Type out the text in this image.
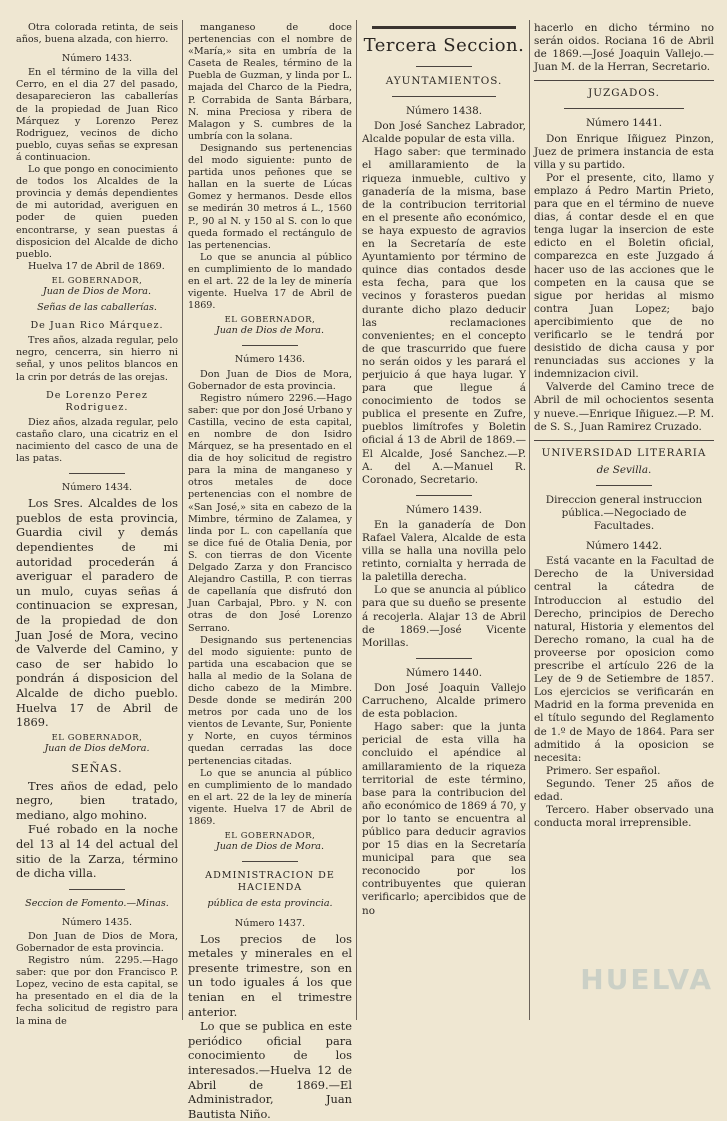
Otra colorada retinta, de seis años, buena alzada, con hierro.

Número 1433.

En el término de la villa del Cerro, en el dia 27 del pasado, desaparecieron las caballerías de la propiedad de Juan Rico Márquez y Lorenzo Perez Rodriguez, vecinos de dicho pueblo, cuyas señas se expresan á continuacion.

Lo que pongo en conocimiento de todos los Alcaldes de la provincia y demás dependientes de mi autoridad, averiguen en poder de quien pueden encontrarse, y sean puestas á disposicion del Alcalde de dicho pueblo.

Huelva 17 de Abril de 1869.

EL GOBERNADOR,
Juan de Dios de Mora.
Señas de las caballerías.
De Juan Rico Márquez.

Tres años, alzada regular, pelo negro, cencerra, sin hierro ni señal, y unos pelitos blancos en la crin por detrás de las orejas.

De Lorenzo Perez Rodriguez.

Diez años, alzada regular, pelo castaño claro, una cicatriz en el nacimiento del casco de una de las patas.

Número 1434.

Los Sres. Alcaldes de los pueblos de esta provincia, Guardia civil y demás dependientes de mi autoridad procederán á averiguar el paradero de un mulo, cuyas señas á continuacion se expresan, de la propiedad de don Juan José de Mora, vecino de Valverde del Camino, y caso de ser habido lo pondrán á disposicion del Alcalde de dicho pueblo. Huelva 17 de Abril de 1869.

EL GOBERNADOR,
Juan de Dios deMora.
SEÑAS.

Tres años de edad, pelo negro, bien tratado, mediano, algo mohino.

Fué robado en la noche del 13 al 14 del actual del sitio de la Zarza, término de dicha villa.

Seccion de Fomento.—Minas.
Número 1435.

Don Juan de Dios de Mora, Gobernador de esta provincia.

Registro núm. 2295.—Hago saber: que por don Francisco P. Lopez, vecino de esta capital, se ha presentado en el dia de la fecha solicitud de registro para la mina de

manganeso de doce pertenencias con el nombre de «María,» sita en umbría de la Caseta de Reales, término de la Puebla de Guzman, y linda por L. majada del Charco de la Piedra, P. Corrabida de Santa Bárbara, N. mina Preciosa y ribera de Malagon y S. cumbres de la umbría con la solana.

Designando sus pertenencias del modo siguiente: punto de partida unos peñones que se hallan en la suerte de Lúcas Gomez y hermanos. Desde ellos se medirán 30 metros á L., 1560 P., 90 al N. y 150 al S. con lo que queda formado el rectángulo de las pertenencias.

Lo que se anuncia al público en cumplimiento de lo mandado en el art. 22 de la ley de minería vigente. Huelva 17 de Abril de 1869.

EL GOBERNADOR,
Juan de Dios de Mora.
Número 1436.

Don Juan de Dios de Mora, Gobernador de esta provincia.

Registro número 2296.—Hago saber: que por don José Urbano y Castilla, vecino de esta capital, en nombre de don Isidro Márquez, se ha presentado en el dia de hoy solicitud de registro para la mina de manganeso y otros metales de doce pertenencias con el nombre de «San José,» sita en cabezo de la Mimbre, término de Zalamea, y linda por L. con capellanía que se dice fué de Otalia Denia, por S. con tierras de don Vicente Delgado Zarza y don Francisco Alejandro Castilla, P. con tierras de capellanía que disfrutó don Juan Carbajal, Pbro. y N. con otras de don José Lorenzo Serrano.

Designando sus pertenencias del modo siguiente: punto de partida una escabacion que se halla al medio de la Solana de dicho cabezo de la Mimbre. Desde donde se medirán 200 metros por cada uno de los vientos de Levante, Sur, Poniente y Norte, en cuyos términos quedan cerradas las doce pertenencias citadas.

Lo que se anuncia al público en cumplimiento de lo mandado en el art. 22 de la ley de minería vigente. Huelva 17 de Abril de 1869.

EL GOBERNADOR,
Juan de Dios de Mora.
ADMINISTRACION DE HACIENDA
pública de esta provincia.
Número 1437.

Los precios de los metales y minerales en el presente trimestre, son en un todo iguales á los que tenian en el trimestre anterior.

Lo que se publica en este periódico oficial para conocimiento de los interesados.—Huelva 12 de Abril de 1869.—El Administrador, Juan Bautista Niño.

Tercera Seccion.
AYUNTAMIENTOS.
Número 1438.

Don José Sanchez Labrador, Alcalde popular de esta villa.

Hago saber: que terminado el amillaramiento de la riqueza inmueble, cultivo y ganadería de la misma, base de la contribucion territorial en el presente año económico, se haya expuesto de agravios en la Secretaría de este Ayuntamiento por término de quince dias contados desde esta fecha, para que los vecinos y forasteros puedan durante dicho plazo deducir las reclamaciones convenientes; en el concepto de que trascurrido que fuere no serán oidos y les parará el perjuicio á que haya lugar. Y para que llegue á conocimiento de todos se publica el presente en Zufre, pueblos limítrofes y Boletin oficial á 13 de Abril de 1869.—El Alcalde, José Sanchez.—P. A. del A.—Manuel R. Coronado, Secretario.

Número 1439.

En la ganadería de Don Rafael Valera, Alcalde de esta villa se halla una novilla pelo retinto, cornialta y herrada de la paletilla derecha.

Lo que se anuncia al público para que su dueño se presente á recojerla. Alajar 13 de Abril de 1869.—José Vicente Morillas.

Número 1440.

Don José Joaquin Vallejo Carrucheno, Alcalde primero de esta poblacion.

Hago saber: que la junta pericial de esta villa ha concluido el apéndice al amillaramiento de la riqueza territorial de este término, base para la contribucion del año económico de 1869 á 70, y por lo tanto se encuentra al público para deducir agravios por 15 dias en la Secretaría municipal para que sea reconocido por los contribuyentes que quieran verificarlo; apercibidos que de no

hacerlo en dicho término no serán oidos. Rociana 16 de Abril de 1869.—José Joaquin Vallejo.—Juan M. de la Herran, Secretario.

JUZGADOS.
Número 1441.

Don Enrique Iñiguez Pinzon, Juez de primera instancia de esta villa y su partido.

Por el presente, cito, llamo y emplazo á Pedro Martin Prieto, para que en el término de nueve dias, á contar desde el en que tenga lugar la insercion de este edicto en el Boletin oficial, comparezca en este Juzgado á hacer uso de las acciones que le competen en la causa que se sigue por heridas al mismo contra Juan Lopez; bajo apercibimiento que de no verificarlo se le tendrá por desistido de dicha causa y por renunciadas sus acciones y la indemnizacion civil.

Valverde del Camino trece de Abril de mil ochocientos sesenta y nueve.—Enrique Iñiguez.—P. M. de S. S., Juan Ramirez Cruzado.

UNIVERSIDAD LITERARIA
de Sevilla.
Direccion general instruccion pública.—Negociado de Facultades.
Número 1442.

Está vacante en la Facultad de Derecho de la Universidad central la cátedra de Introduccion al estudio del Derecho, principios de Derecho natural, Historia y elementos del Derecho romano, la cual ha de proveerse por oposicion como prescribe el artículo 226 de la Ley de 9 de Setiembre de 1857. Los ejercicios se verificarán en Madrid en la forma prevenida en el título segundo del Reglamento de 1.º de Mayo de 1864. Para ser admitido á la oposicion se necesita:

Primero. Ser español.

Segundo. Tener 25 años de edad.

Tercero. Haber observado una conducta moral irreprensible.

HUELVA
